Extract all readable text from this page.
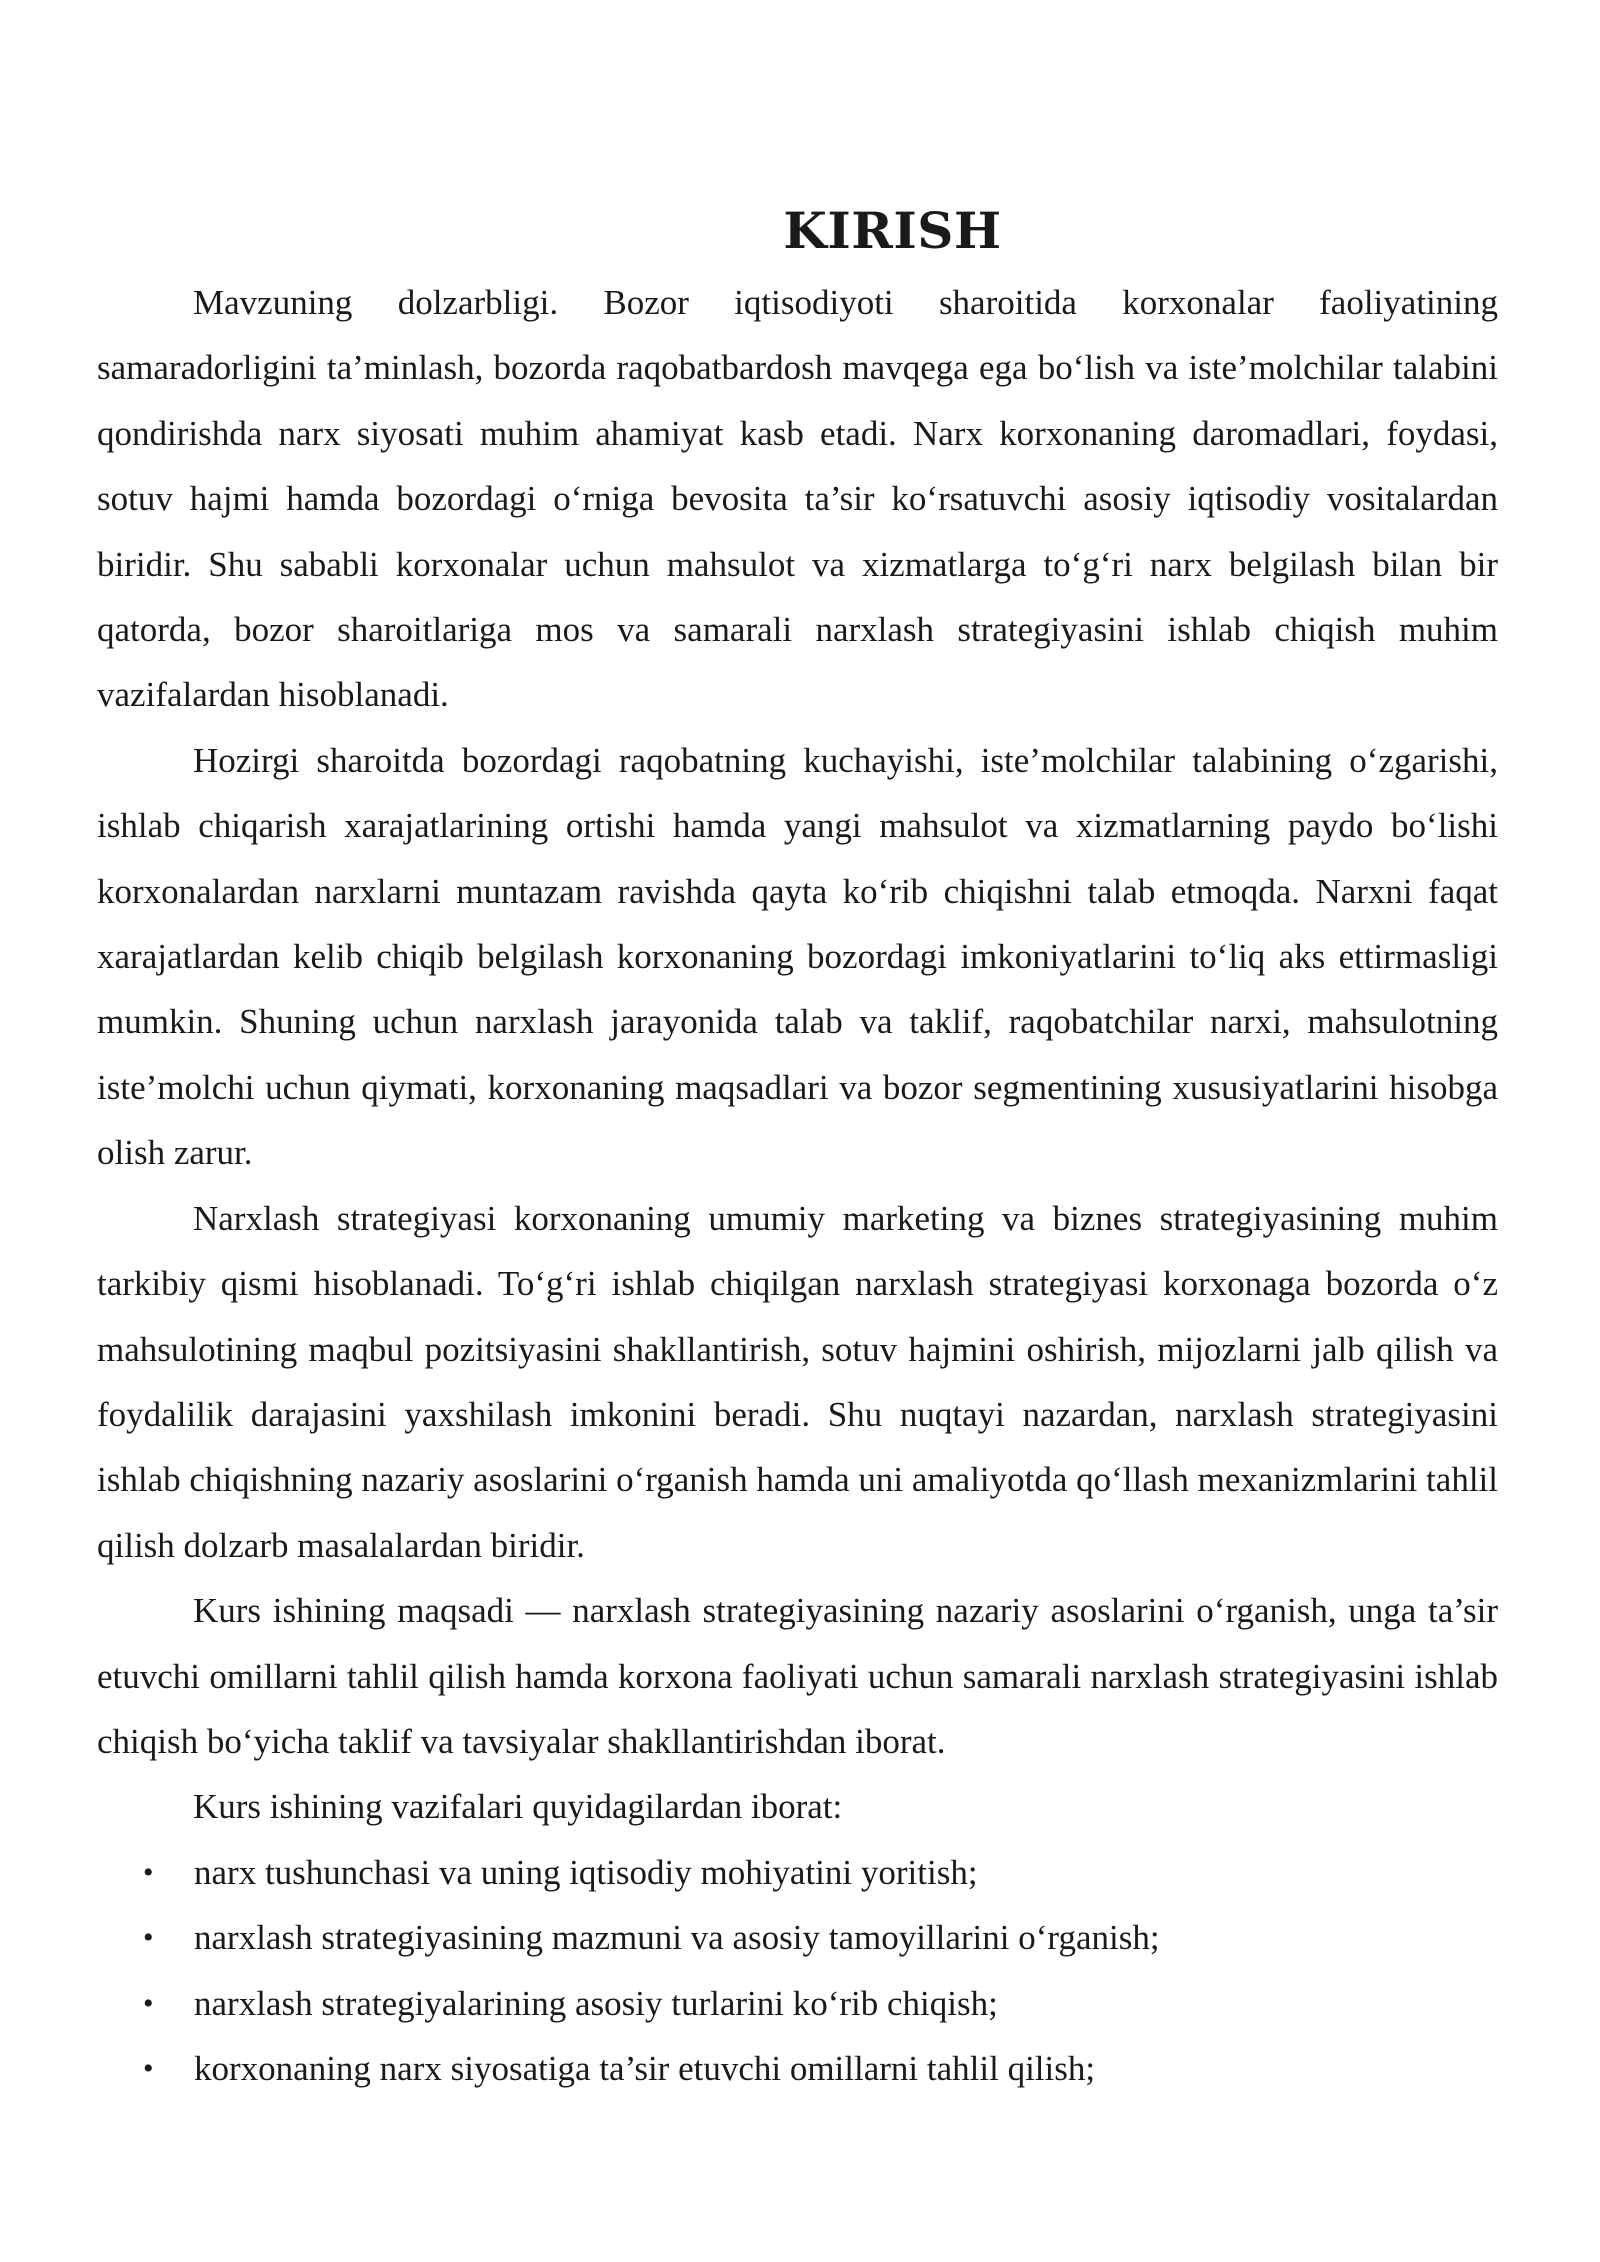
KIRISH

Mavzuning dolzarbligi. Bozor iqtisodiyoti sharoitida korxonalar faoliyatining samaradorligini ta’minlash, bozorda raqobatbardosh mavqega ega bo‘lish va iste’molchilar talabini qondirishda narx siyosati muhim ahamiyat kasb etadi. Narx korxonaning daromadlari, foydasi, sotuv hajmi hamda bozordagi o‘rniga bevosita ta’sir ko‘rsatuvchi asosiy iqtisodiy vositalardan biridir. Shu sababli korxonalar uchun mahsulot va xizmatlarga to‘g‘ri narx belgilash bilan bir qatorda, bozor sharoitlariga mos va samarali narxlash strategiyasini ishlab chiqish muhim vazifalardan hisoblanadi.

Hozirgi sharoitda bozordagi raqobatning kuchayishi, iste’molchilar talabining o‘zgarishi, ishlab chiqarish xarajatlarining ortishi hamda yangi mahsulot va xizmatlarning paydo bo‘lishi korxonalardan narxlarni muntazam ravishda qayta ko‘rib chiqishni talab etmoqda. Narxni faqat xarajatlardan kelib chiqib belgilash korxonaning bozordagi imkoniyatlarini to‘liq aks ettirmasligi mumkin. Shuning uchun narxlash jarayonida talab va taklif, raqobatchilar narxi, mahsulotning iste’molchi uchun qiymati, korxonaning maqsadlari va bozor segmentining xususiyatlarini hisobga olish zarur.

Narxlash strategiyasi korxonaning umumiy marketing va biznes strategiyasining muhim tarkibiy qismi hisoblanadi. To‘g‘ri ishlab chiqilgan narxlash strategiyasi korxonaga bozorda o‘z mahsulotining maqbul pozitsiyasini shakllantirish, sotuv hajmini oshirish, mijozlarni jalb qilish va foydalilik darajasini yaxshilash imkonini beradi. Shu nuqtayi nazardan, narxlash strategiyasini ishlab chiqishning nazariy asoslarini o‘rganish hamda uni amaliyotda qo‘llash mexanizmlarini tahlil qilish dolzarb masalalardan biridir.

Kurs ishining maqsadi — narxlash strategiyasining nazariy asoslarini o‘rganish, unga ta’sir etuvchi omillarni tahlil qilish hamda korxona faoliyati uchun samarali narxlash strategiyasini ishlab chiqish bo‘yicha taklif va tavsiyalar shakllantirishdan iborat.

Kurs ishining vazifalari quyidagilardan iborat:

• narx tushunchasi va uning iqtisodiy mohiyatini yoritish;
• narxlash strategiyasining mazmuni va asosiy tamoyillarini o‘rganish;
• narxlash strategiyalarining asosiy turlarini ko‘rib chiqish;
• korxonaning narx siyosatiga ta’sir etuvchi omillarni tahlil qilish;
